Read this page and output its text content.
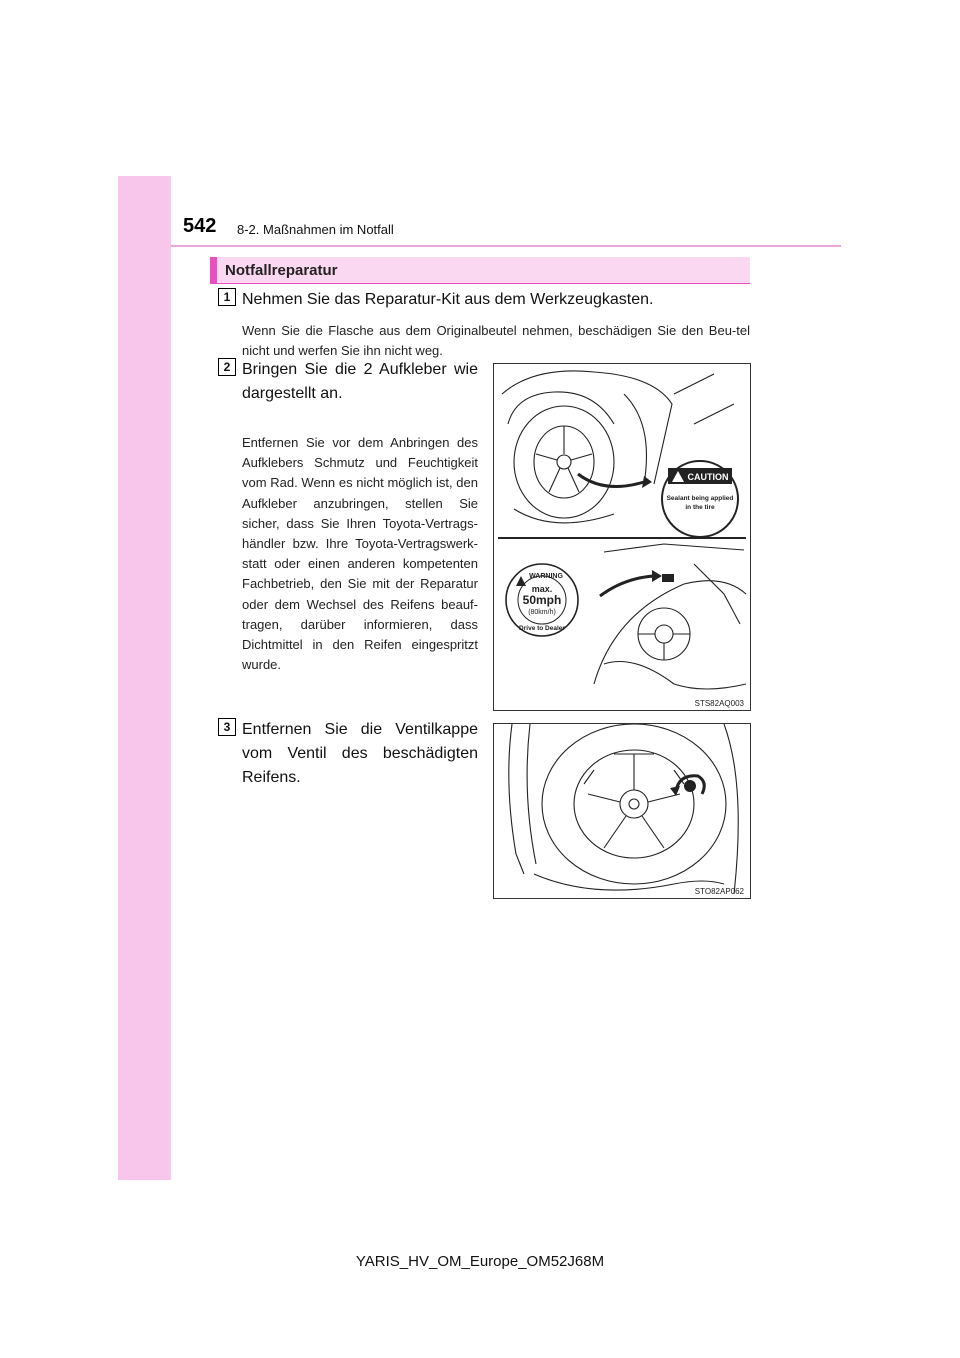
542 8-2. Maßnahmen im Notfall
Notfallreparatur
1 Nehmen Sie das Reparatur-Kit aus dem Werkzeugkasten.
Wenn Sie die Flasche aus dem Originalbeutel nehmen, beschädigen Sie den Beu-tel nicht und werfen Sie ihn nicht weg.
2 Bringen Sie die 2 Aufkleber wie dargestellt an.
Entfernen Sie vor dem Anbringen des Aufklebers Schmutz und Feuchtigkeit vom Rad. Wenn es nicht möglich ist, den Aufkleber anzubringen, stellen Sie sicher, dass Sie Ihren Toyota-Vertrags-händler bzw. Ihre Toyota-Vertragswerk-statt oder einen anderen kompetenten Fachbetrieb, den Sie mit der Reparatur oder dem Wechsel des Reifens beauf-tragen, darüber informieren, dass Dichtmittel in den Reifen eingespritzt wurde.
CAUTION
Sealant being applied
in the tire
WARNING
max.
50mph
(80km/h)
Drive to Dealer
STS82AQ003
3 Entfernen Sie die Ventilkappe vom Ventil des beschädigten Reifens.
STO82AP062
YARIS_HV_OM_Europe_OM52J68M
